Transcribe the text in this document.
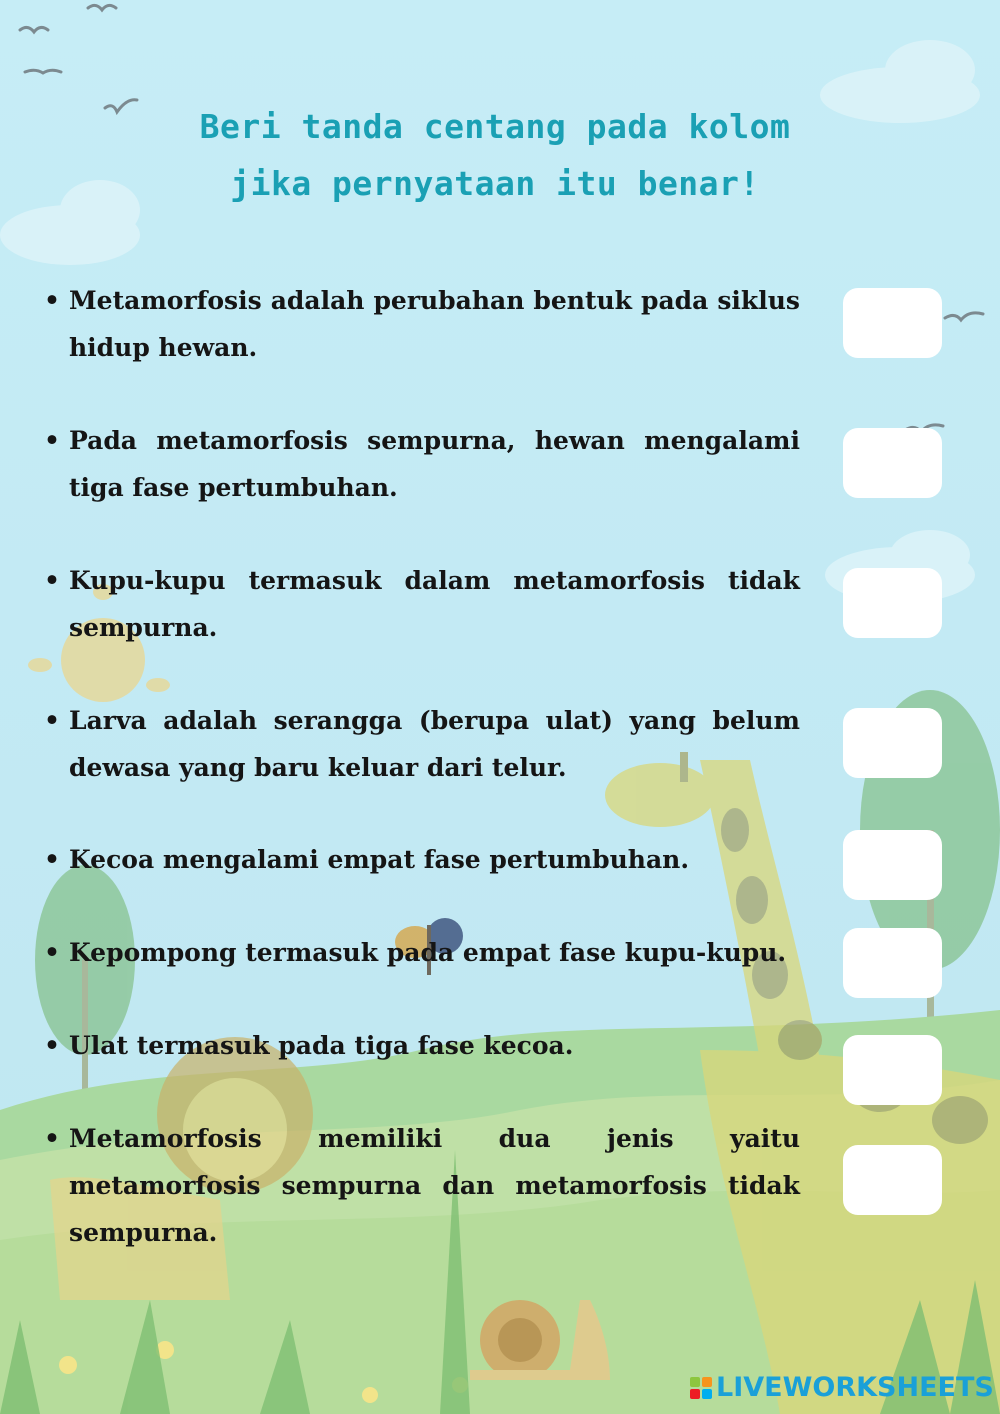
Beri tanda centang pada kolom
jika pernyataan itu benar!
• Metamorfosis adalah perubahan bentuk pada siklus hidup hewan.
• Pada metamorfosis sempurna, hewan mengalami tiga fase pertumbuhan.
• Kupu-kupu termasuk dalam metamorfosis tidak sempurna.
• Larva adalah serangga (berupa ulat) yang belum dewasa yang baru keluar dari telur.
• Kecoa mengalami empat fase pertumbuhan.
• Kepompong termasuk pada empat fase kupu-kupu.
• Ulat termasuk pada tiga fase kecoa.
• Metamorfosis memiliki dua jenis yaitu metamorfosis sempurna dan metamorfosis tidak sempurna.
LIVEWORKSHEETS
